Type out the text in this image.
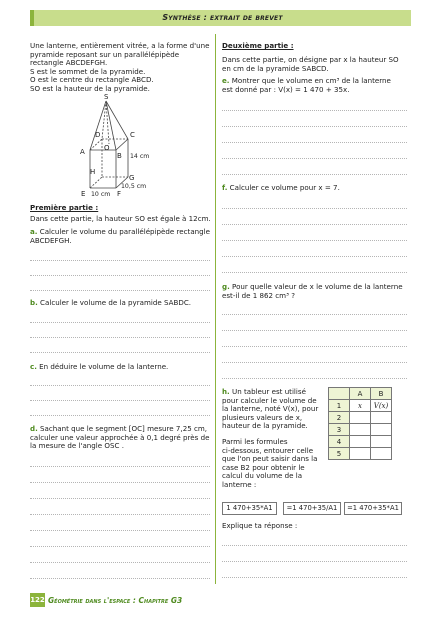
Synthèse : extrait de brevet
Une lanterne, entièrement vitrée, a la forme d'une
pyramide reposant sur un parallélépipède
rectangle ABCDEFGH.
S est le sommet de la pyramide.
O est le centre du rectangle ABCD.
SO est la hauteur de la pyramide.
S
D	C
A	B
O
H
G
E	F
14 cm
10,5 cm
10 cm
Première partie :
Dans cette partie, la hauteur SO est égale à 12cm.
a. Calculer le volume du parallélépipède rectangle
ABCDEFGH.
b. Calculer le volume de la pyramide SABDC.
c. En déduire le volume de la lanterne.
d. Sachant que le segment [OC] mesure 7,25 cm,
calculer une valeur approchée à 0,1 degré près de
la mesure de l'angle OSC .
Deuxième partie :
Dans cette partie, on désigne par x la hauteur SO
en cm de la pyramide SABCD.
e. Montrer que le volume en cm³ de la lanterne
est donné par : V(x) = 1 470 + 35x.
f. Calculer ce volume pour x = 7.
g. Pour quelle valeur de x le volume de la lanterne
est-il de 1 862 cm³ ?
h. Un tableur est utilisé
pour calculer le volume de
la lanterne, noté V(x), pour
plusieurs valeurs de x,
hauteur de la pyramide.
Parmi les formules
ci-dessous, entourer celle
que l'on peut saisir dans la
case B2 pour obtenir le
calcul du volume de la
lanterne :
	A	B
1	x	V(x)
2		
3		
4		
5		
1 470+35*A1	=1 470+35/A1	=1 470+35*A1
Explique ta réponse :
122 Géométrie dans l'espace : Chapitre G3
